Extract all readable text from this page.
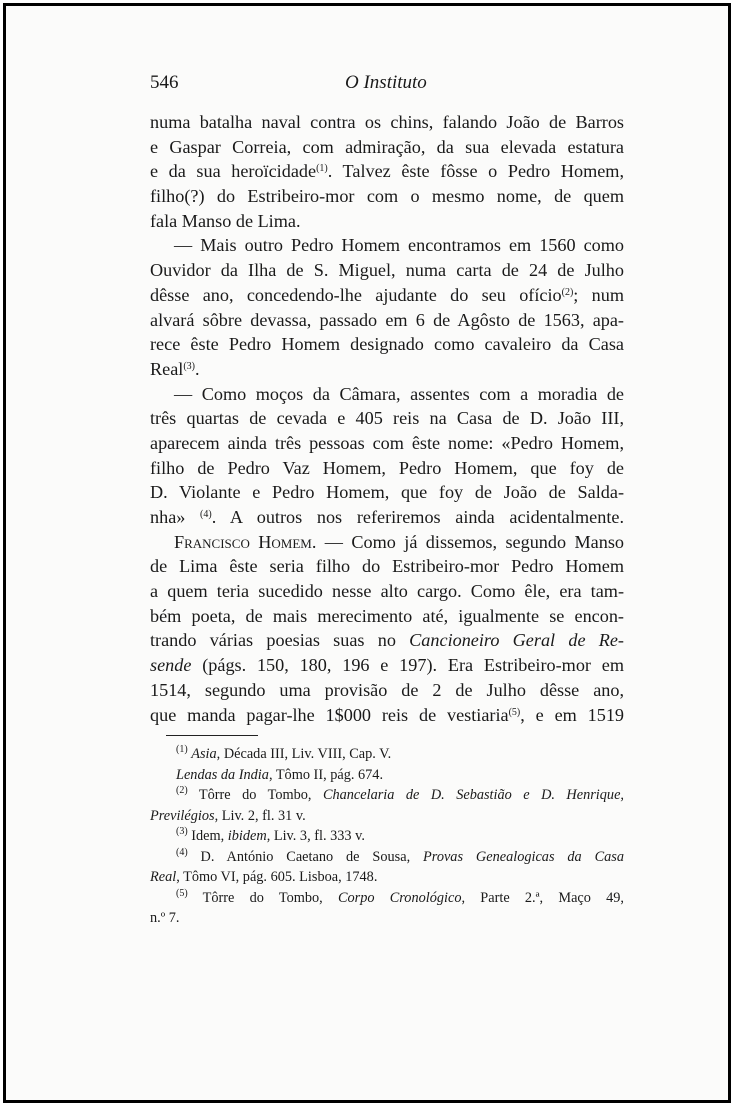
546	O Instituto
numa batalha naval contra os chins, falando João de Barros
e Gaspar Correia, com admiração, da sua elevada estatura
e da sua heroïcidade$^{(1)}$. Talvez êste fôsse o Pedro Homem,
filho(?) do Estribeiro-mor com o mesmo nome, de quem
fala Manso de Lima.
— Mais outro Pedro Homem encontramos em 1560 como
Ouvidor da Ilha de S. Miguel, numa carta de 24 de Julho
dêsse ano, concedendo-lhe ajudante do seu ofício$^{(2)}$; num
alvará sôbre devassa, passado em 6 de Agôsto de 1563, apa-
rece êste Pedro Homem designado como cavaleiro da Casa
Real$^{(3)}$.
— Como moços da Câmara, assentes com a moradia de
três quartas de cevada e 405 reis na Casa de D. João III,
aparecem ainda três pessoas com êste nome: «Pedro Homem,
filho de Pedro Vaz Homem, Pedro Homem, que foy de
D. Violante e Pedro Homem, que foy de João de Salda-
nha» $^{(4)}$. A outros nos referiremos ainda acidentalmente.
Francisco Homem. — Como já dissemos, segundo Manso
de Lima êste seria filho do Estribeiro-mor Pedro Homem
a quem teria sucedido nesse alto cargo. Como êle, era tam-
bém poeta, de mais merecimento até, igualmente se encon-
trando várias poesias suas no Cancioneiro Geral de Re-
sende (págs. 150, 180, 196 e 197). Era Estribeiro-mor em
1514, segundo uma provisão de 2 de Julho dêsse ano,
que manda pagar-lhe 1$000 reis de vestiaria$^{(5)}$, e em 1519
$^{(1)}$ Asia, Década III, Liv. VIII, Cap. V.
Lendas da India, Tômo II, pág. 674.
$^{(2)}$ Tôrre do Tombo, Chancelaria de D. Sebastião e D. Henrique,
Previlégios, Liv. 2, fl. 31 v.
$^{(3)}$ Idem, ibidem, Liv. 3, fl. 333 v.
$^{(4)}$ D. António Caetano de Sousa, Provas Genealogicas da Casa
Real, Tômo VI, pág. 605. Lisboa, 1748.
$^{(5)}$ Tôrre do Tombo, Corpo Cronológico, Parte 2.ª, Maço 49,
n.º 7.
